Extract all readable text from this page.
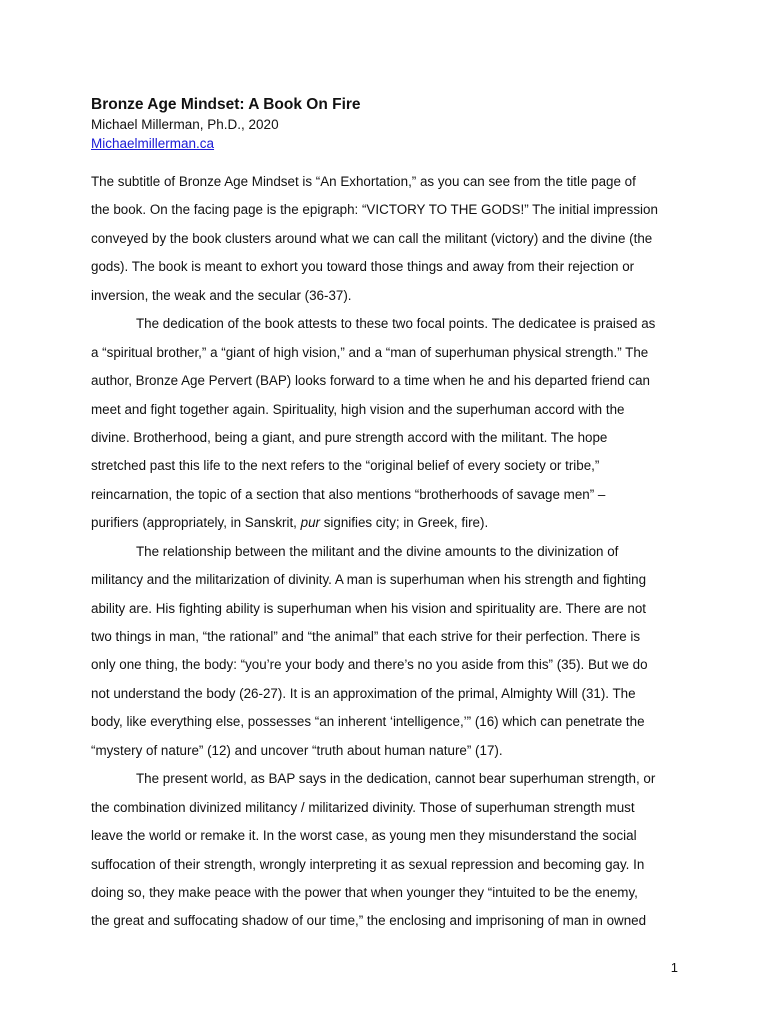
Bronze Age Mindset: A Book On Fire

Michael Millerman, Ph.D., 2020

Michaelmillerman.ca
The subtitle of Bronze Age Mindset is “An Exhortation,” as you can see from the title page of
the book. On the facing page is the epigraph: “VICTORY TO THE GODS!” The initial impression
conveyed by the book clusters around what we can call the militant (victory) and the divine (the
gods). The book is meant to exhort you toward those things and away from their rejection or
inversion, the weak and the secular (36-37).
The dedication of the book attests to these two focal points. The dedicatee is praised as
a “spiritual brother,” a “giant of high vision,” and a “man of superhuman physical strength.” The
author, Bronze Age Pervert (BAP) looks forward to a time when he and his departed friend can
meet and fight together again. Spirituality, high vision and the superhuman accord with the
divine. Brotherhood, being a giant, and pure strength accord with the militant. The hope
stretched past this life to the next refers to the “original belief of every society or tribe,”
reincarnation, the topic of a section that also mentions “brotherhoods of savage men” –
purifiers (appropriately, in Sanskrit, pur signifies city; in Greek, fire).
The relationship between the militant and the divine amounts to the divinization of
militancy and the militarization of divinity. A man is superhuman when his strength and fighting
ability are. His fighting ability is superhuman when his vision and spirituality are. There are not
two things in man, “the rational” and “the animal” that each strive for their perfection. There is
only one thing, the body: “you’re your body and there’s no you aside from this” (35). But we do
not understand the body (26-27). It is an approximation of the primal, Almighty Will (31). The
body, like everything else, possesses “an inherent ‘intelligence,’” (16) which can penetrate the
“mystery of nature” (12) and uncover “truth about human nature” (17).
The present world, as BAP says in the dedication, cannot bear superhuman strength, or
the combination divinized militancy / militarized divinity. Those of superhuman strength must
leave the world or remake it. In the worst case, as young men they misunderstand the social
suffocation of their strength, wrongly interpreting it as sexual repression and becoming gay. In
doing so, they make peace with the power that when younger they “intuited to be the enemy,
the great and suffocating shadow of our time,” the enclosing and imprisoning of man in owned
1
